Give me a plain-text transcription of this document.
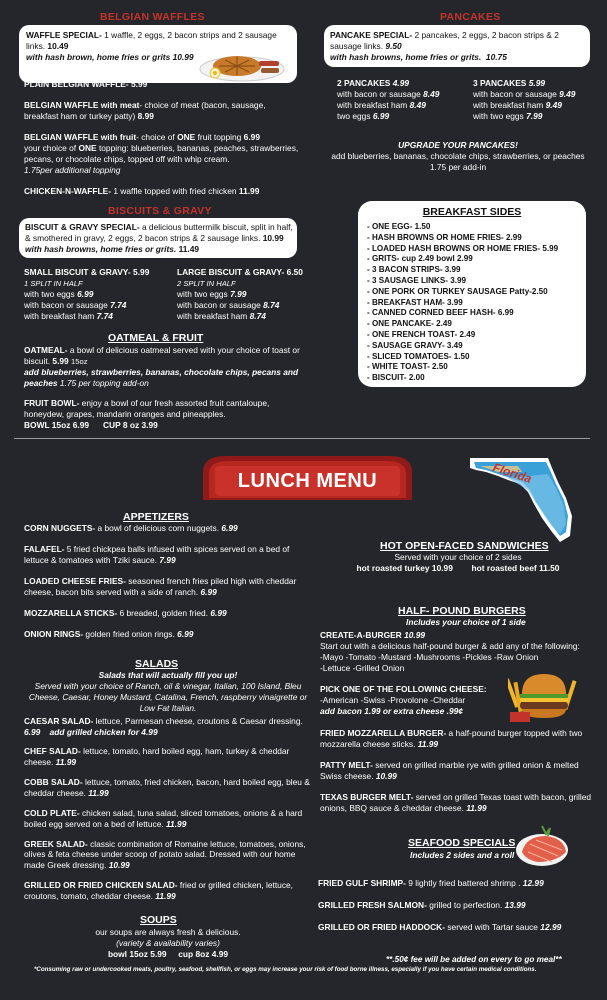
BELGIAN WAFFLES
WAFFLE SPECIAL- 1 waffle, 2 eggs, 2 bacon strips and 2 sausage links. 10.49
with hash brown, home fries or grits 10.99
PLAIN BELGIAN WAFFLE- 5.99
BELGIAN WAFFLE with meat- choice of meat (bacon, sausage, breakfast ham or turkey patty) 8.99
BELGIAN WAFFLE with fruit- choice of ONE fruit topping 6.99
your choice of ONE topping: blueberries, bananas, peaches, strawberries, pecans, or chocolate chips, topped off with whip cream.
1.75per additional topping
CHICKEN-N-WAFFLE- 1 waffle topped with fried chicken 11.99
BISCUITS & GRAVY
BISCUIT & GRAVY SPECIAL- a delicious buttermilk biscuit, split in half, & smothered in gravy, 2 eggs, 2 bacon strips & 2 sausage links. 10.99
with hash browns, home fries or grits. 11.49
SMALL BISCUIT & GRAVY- 5.99
1 SPLIT IN HALF
with two eggs 6.99
with bacon or sausage 7.74
with breakfast ham 7.74
LARGE BISCUIT & GRAVY- 6.50
2 SPLIT IN HALF
with two eggs 7.99
with bacon or sausage 8.74
with breakfast ham 8.74
OATMEAL & FRUIT
OATMEAL- a bowl of delicious oatmeal served with your choice of toast or biscuit. 5.99 15oz
add blueberries, strawberries, bananas, chocolate chips, pecans and peaches 1.75 per topping add-on
FRUIT BOWL- enjoy a bowl of our fresh assorted fruit cantaloupe, honeydew, grapes, mandarin oranges and pineapples.
BOWL 15oz 6.99 CUP 8 oz 3.99
PANCAKES
PANCAKE SPECIAL- 2 pancakes, 2 eggs, 2 bacon strips & 2 sausage links. 9.50
with hash browns, home fries or grits. 10.75
2 PANCAKES 4.99
with bacon or sausage 8.49
with breakfast ham 8.49
two eggs 6.99
3 PANCAKES 5.99
with bacon or sausage 9.49
with breakfast ham 9.49
with two eggs 7.99
UPGRADE YOUR PANCAKES!
add blueberries, bananas, chocolate chips, strawberries, or peaches
1.75 per add-in
BREAKFAST SIDES
- ONE EGG- 1.50
- HASH BROWNS OR HOME FRIES- 2.99
- LOADED HASH BROWNS OR HOME FRIES- 5.99
- GRITS- cup 2.49 bowl 2.99
- 3 BACON STRIPS- 3.99
- 3 SAUSAGE LINKS- 3.99
- ONE PORK OR TURKEY SAUSAGE Patty-2.50
- BREAKFAST HAM- 3.99
- CANNED CORNED BEEF HASH- 6.99
- ONE PANCAKE- 2.49
- ONE FRENCH TOAST- 2.49
- SAUSAGE GRAVY- 3.49
- SLICED TOMATOES- 1.50
- WHITE TOAST- 2.50
- BISCUIT- 2.00
LUNCH MENU	Florida
APPETIZERS
CORN NUGGETS- a bowl of delicious corn nuggets. 6.99
FALAFEL- 5 fried chickpea balls infused with spices served on a bed of lettuce & tomatoes with Tziki sauce. 7.99
LOADED CHEESE FRIES- seasoned french fries piled high with cheddar cheese, bacon bits served with a side of ranch. 6.99
MOZZARELLA STICKS- 6 breaded, golden fried. 6.99
ONION RINGS- golden fried onion rings. 6.99
SALADS
Salads that will actually fill you up!
Served with your choice of Ranch, oil & vinegar, Italian, 100 Island, Bleu Cheese, Caesar, Honey Mustard, Catalina, French, raspberry vinaigrette or Low Fat Italian.
CAESAR SALAD- lettuce, Parmesan cheese, croutons & Caesar dressing. 6.99 add grilled chicken for 4.99
CHEF SALAD- lettuce, tomato, hard boiled egg, ham, turkey & cheddar cheese. 11.99
COBB SALAD- lettuce, tomato, fried chicken, bacon, hard boiled egg, bleu & cheddar cheese. 11.99
COLD PLATE- chicken salad, tuna salad, sliced tomatoes, onions & a hard boiled egg served on a bed of lettuce. 11.99
GREEK SALAD- classic combination of Romaine lettuce, tomatoes, onions, olives & feta cheese under scoop of potato salad. Dressed with our home made Greek dressing. 10.99
GRILLED OR FRIED CHICKEN SALAD- fried or grilled chicken, lettuce, croutons, tomato, cheddar cheese. 11.99
SOUPS
our soups are always fresh & delicious.
(variety & availability varies)
bowl 15oz 5.99 cup 8oz 4.99
HOT OPEN-FACED SANDWICHES
Served with your choice of 2 sides
hot roasted turkey 10.99 hot roasted beef 11.50
HALF- POUND BURGERS
Includes your choice of 1 side
CREATE-A-BURGER 10.99
Start out with a delicious half-pound burger & add any of the following:
-Mayo -Tomato -Mustard -Mushrooms -Pickles -Raw Onion
-Lettuce -Grilled Onion
PICK ONE OF THE FOLLOWING CHEESE:
-American -Swiss -Provolone -Cheddar
add bacon 1.99 or extra cheese .99¢
FRIED MOZZARELLA BURGER- a half-pound burger topped with two mozzarella cheese sticks. 11.99
PATTY MELT- served on grilled marble rye with grilled onion & melted Swiss cheese. 10.99
TEXAS BURGER MELT- served on grilled Texas toast with bacon, grilled onions, BBQ sauce & cheddar cheese. 11.99
SEAFOOD SPECIALS
Includes 2 sides and a roll
FRIED GULF SHRIMP- 9 lightly fried battered shrimp . 12.99
GRILLED FRESH SALMON- grilled to perfection. 13.99
GRILLED OR FRIED HADDOCK- served with Tartar sauce 12.99
**.50¢ fee will be added on every to go meal**
*Consuming raw or undercooked meats, poultry, seafood, shellfish, or eggs may increase your risk of food borne illness, especially if you have certain medical conditions.
